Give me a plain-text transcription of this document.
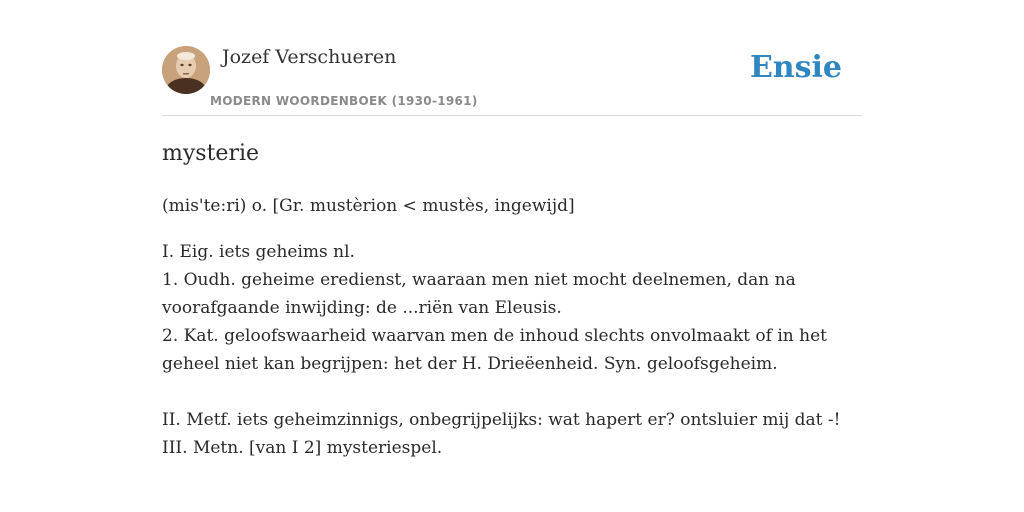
Jozef Verschueren
MODERN WOORDENBOEK (1930-1961)
Ensie
mysterie

(mis'te:ri) o. [Gr. mustèrion < mustès, ingewijd]

I. Eig. iets geheims nl.
1. Oudh. geheime eredienst, waaraan men niet mocht deelnemen, dan na
voorafgaande inwijding: de ...riën van Eleusis.
2. Kat. geloofswaarheid waarvan men de inhoud slechts onvolmaakt of in het
geheel niet kan begrijpen: het der H. Drieëenheid. Syn. geloofsgeheim.
II. Metf. iets geheimzinnigs, onbegrijpelijks: wat hapert er? ontsluier mij dat -!
III. Metn. [van I 2] mysteriespel.
